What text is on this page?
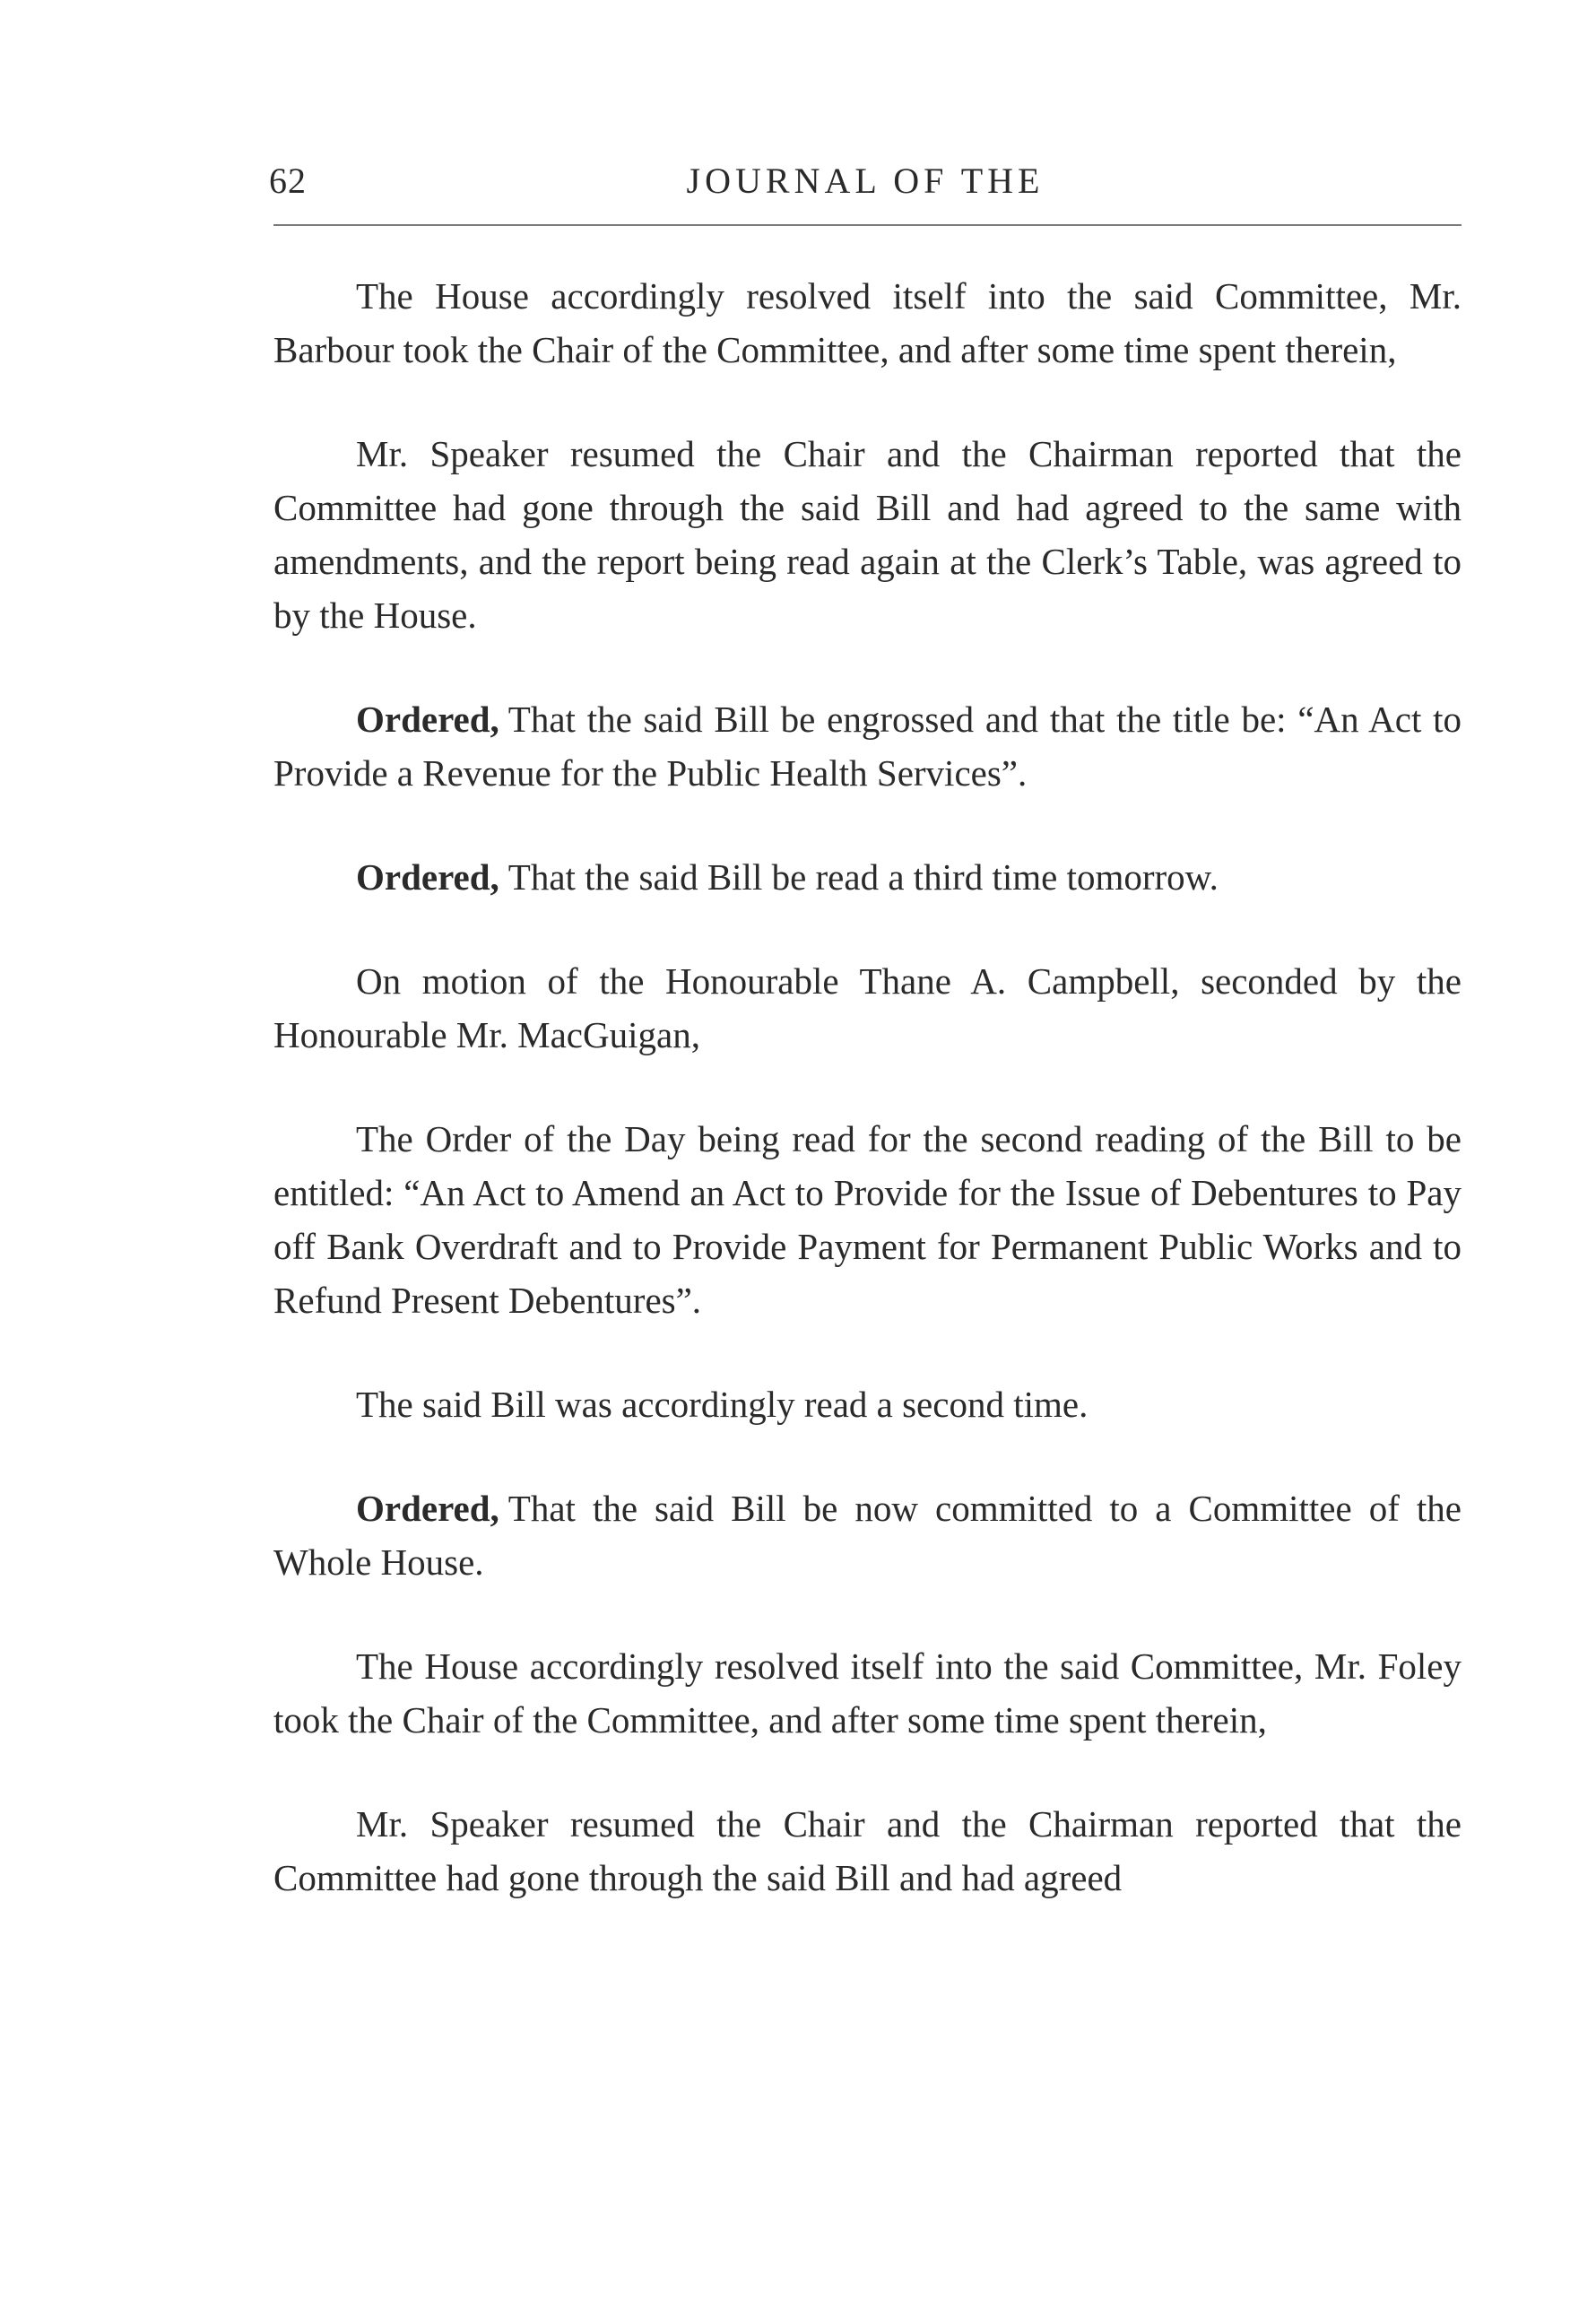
62	JOURNAL OF THE

The House accordingly resolved itself into the said Committee, Mr. Barbour took the Chair of the Committee, and after some time spent therein,

Mr. Speaker resumed the Chair and the Chairman reported that the Committee had gone through the said Bill and had agreed to the same with amendments, and the report being read again at the Clerk’s Table, was agreed to by the House.

Ordered, That the said Bill be engrossed and that the title be: “An Act to Provide a Revenue for the Public Health Services”.

Ordered, That the said Bill be read a third time tomorrow.

On motion of the Honourable Thane A. Campbell, seconded by the Honourable Mr. MacGuigan,

The Order of the Day being read for the second reading of the Bill to be entitled: “An Act to Amend an Act to Provide for the Issue of Debentures to Pay off Bank Overdraft and to Provide Payment for Permanent Public Works and to Refund Present Debentures”.

The said Bill was accordingly read a second time.

Ordered, That the said Bill be now committed to a Committee of the Whole House.

The House accordingly resolved itself into the said Committee, Mr. Foley took the Chair of the Committee, and after some time spent therein,

Mr. Speaker resumed the Chair and the Chairman reported that the Committee had gone through the said Bill and had agreed
